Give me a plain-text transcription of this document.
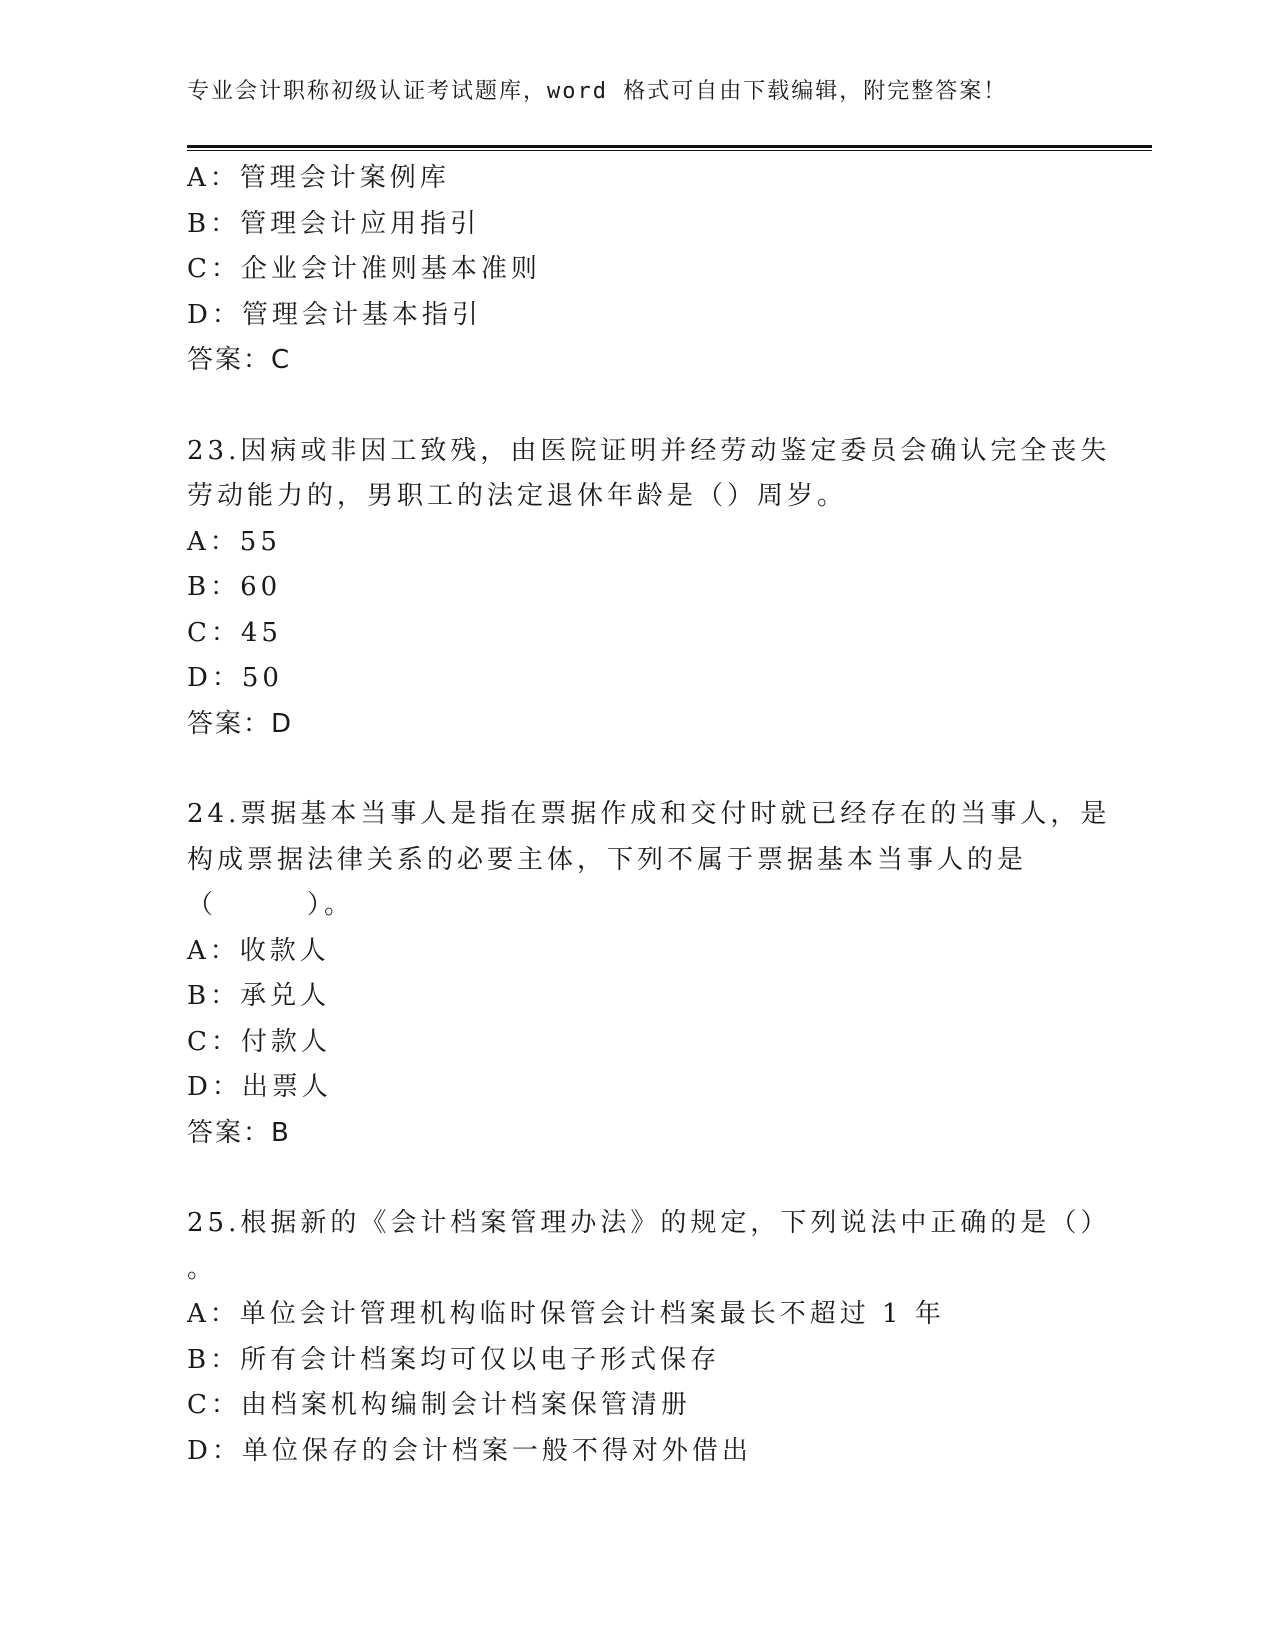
专业会计职称初级认证考试题库，word 格式可自由下载编辑，附完整答案！
A：管理会计案例库
B：管理会计应用指引
C：企业会计准则基本准则
D：管理会计基本指引
答案：C
23.因病或非因工致残，由医院证明并经劳动鉴定委员会确认完全丧失
劳动能力的，男职工的法定退休年龄是（）周岁。
A：55
B：60
C：45
D：50
答案：D
24.票据基本当事人是指在票据作成和交付时就已经存在的当事人，是
构成票据法律关系的必要主体，下列不属于票据基本当事人的是
（　　　）。
A：收款人
B：承兑人
C：付款人
D：出票人
答案：B
25.根据新的《会计档案管理办法》的规定，下列说法中正确的是（）
。
A：单位会计管理机构临时保管会计档案最长不超过 1 年
B：所有会计档案均可仅以电子形式保存
C：由档案机构编制会计档案保管清册
D：单位保存的会计档案一般不得对外借出
